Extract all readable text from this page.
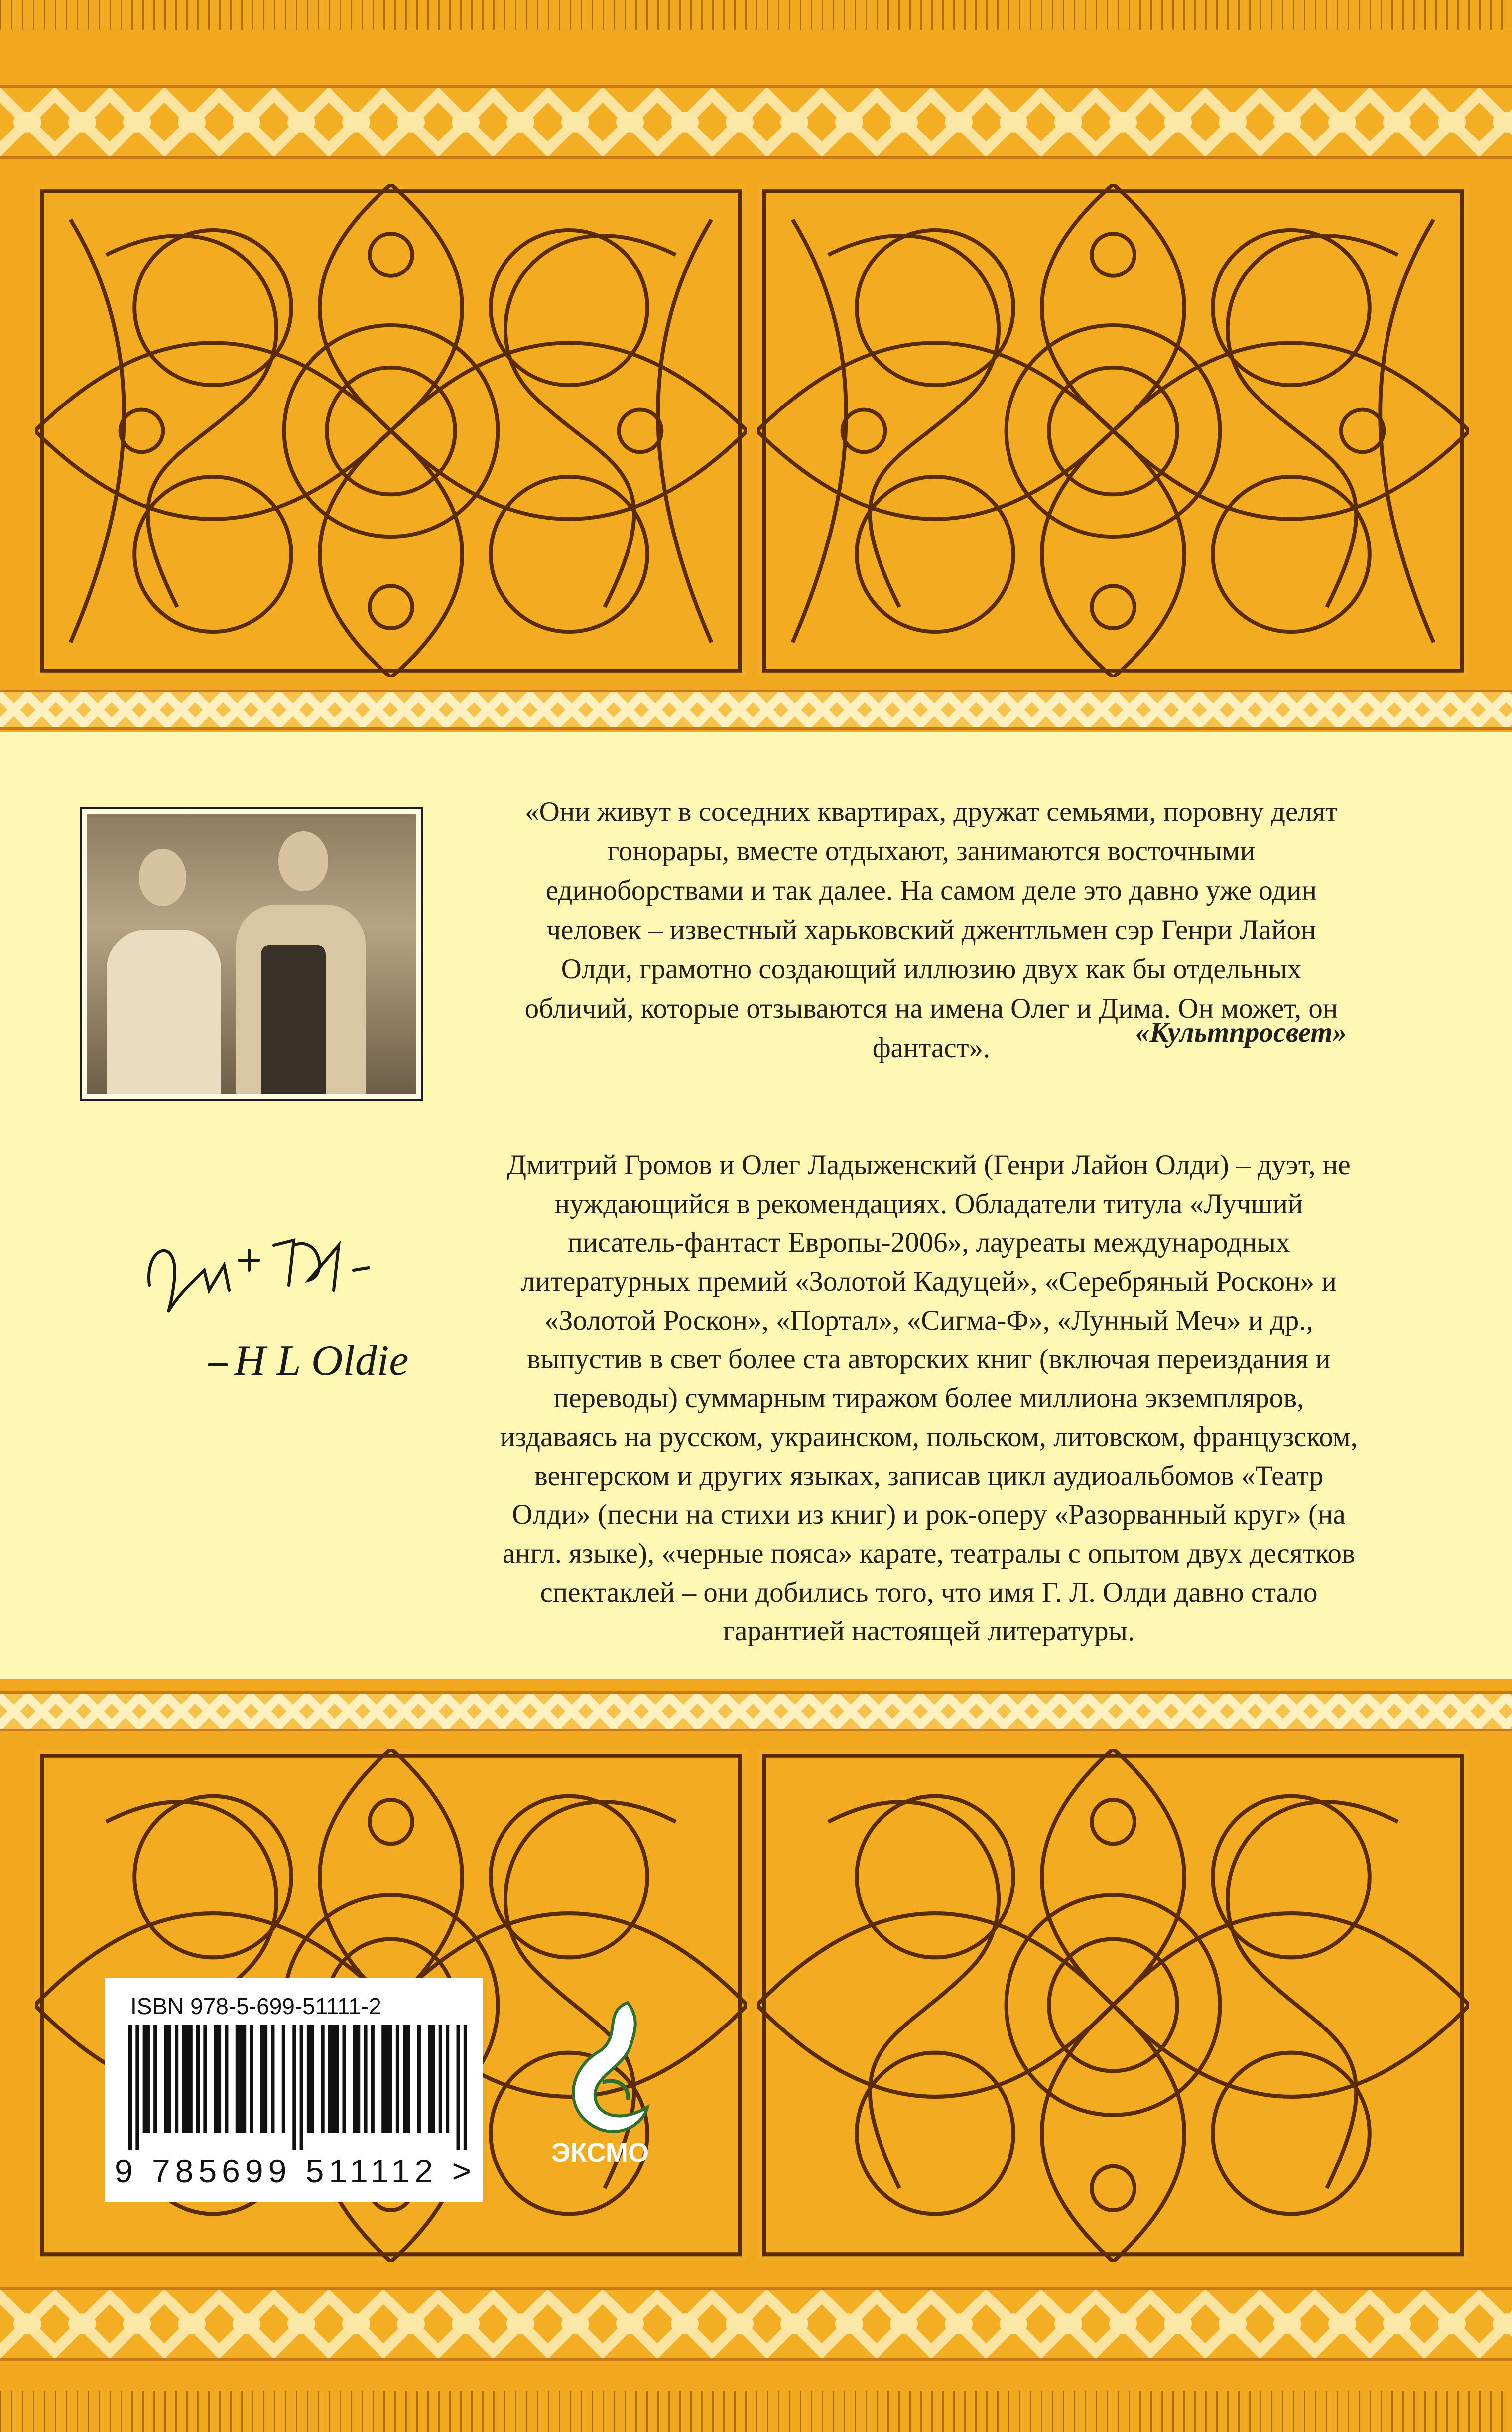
«Они живут в соседних квартирах, дружат семьями, поровну делят гонорары, вместе отдыхают, занимаются восточными единоборствами и так далее. На самом деле это давно уже один человек – известный харьковский джентльмен сэр Генри Лайон Олди, грамотно создающий иллюзию двух как бы отдельных обличий, которые отзываются на имена Олег и Дима. Он может, он фантаст».	«Культпросвет»
H L Oldie
Дмитрий Громов и Олег Ладыженский (Генри Лайон Олди) – дуэт, не нуждающийся в рекомендациях. Обладатели титула «Лучший писатель-фантаст Европы-2006», лауреаты международных литературных премий «Золотой Кадуцей», «Серебряный Роскон» и «Золотой Роскон», «Портал», «Сигма-Ф», «Лунный Меч» и др., выпустив в свет более ста авторских книг (включая переиздания и переводы) суммарным тиражом более миллиона экземпляров, издаваясь на русском, украинском, польском, литовском, французском, венгерском и других языках, записав цикл аудиоальбомов «Театр Олди» (песни на стихи из книг) и рок-оперу «Разорванный круг» (на англ. языке), «черные пояса» карате, театралы с опытом двух десятков спектаклей – они добились того, что имя Г. Л. Олди давно стало гарантией настоящей литературы.
ISBN 978-5-699-51111-2
9 785699 511112 >	ЭКСМО
